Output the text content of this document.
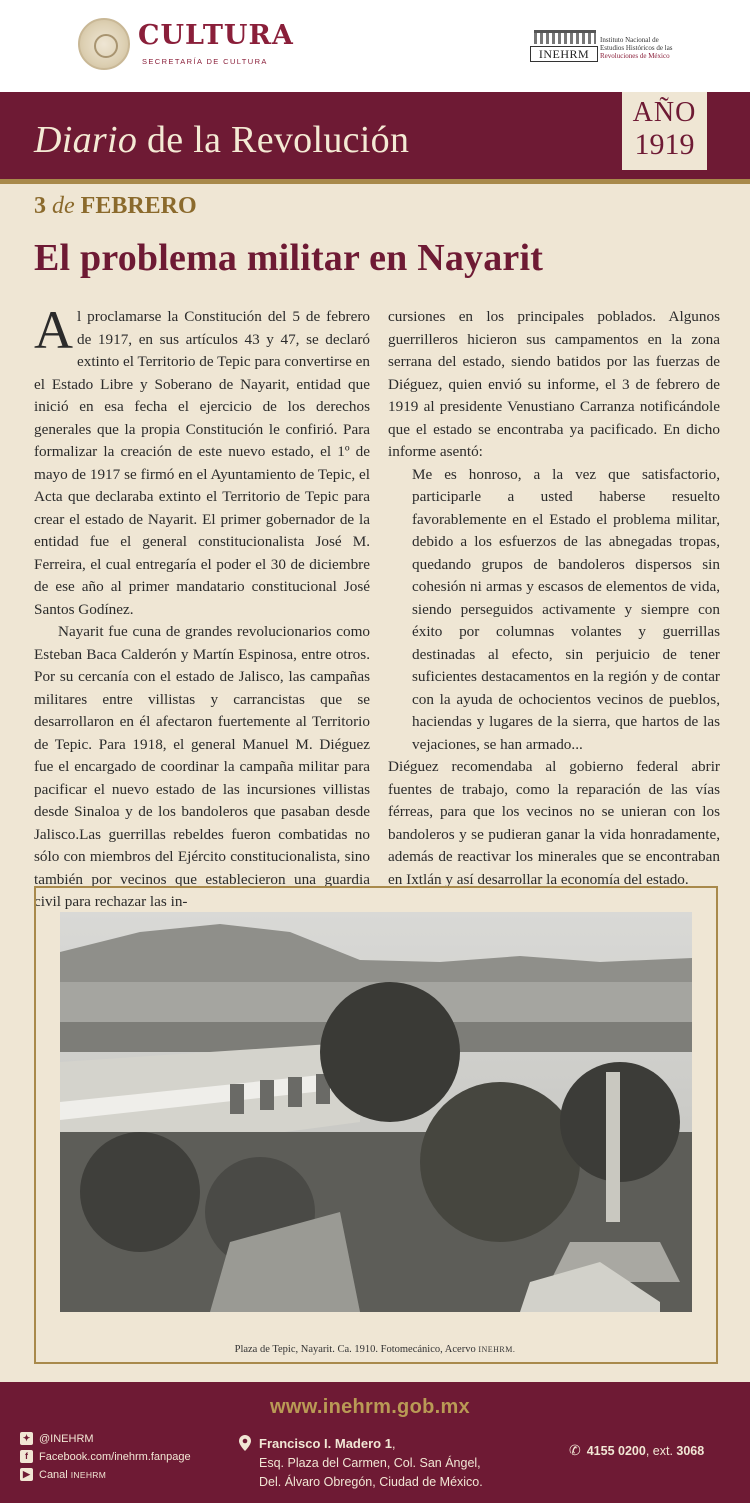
CULTURA
SECRETARÍA DE CULTURA
INEHRM
Instituto Nacional de
Estudios Históricos de las
Revoluciones de México
Diario de la Revolución
AÑO
1919
3 de FEBRERO
El problema militar en Nayarit

Al proclamarse la Constitución del 5 de febrero de 1917, en sus artículos 43 y 47, se declaró extinto el Territorio de Tepic para convertirse en el Estado Libre y Soberano de Nayarit, entidad que inició en esa fecha el ejercicio de los derechos generales que la propia Constitución le confirió. Para formalizar la creación de este nuevo estado, el 1º de mayo de 1917 se firmó en el Ayuntamiento de Tepic, el Acta que declaraba extinto el Territorio de Tepic para crear el estado de Nayarit. El primer gobernador de la entidad fue el general constitucionalista José M. Ferreira, el cual entregaría el poder el 30 de diciembre de ese año al primer mandatario constitucional José Santos Godínez.

Nayarit fue cuna de grandes revolucionarios como Esteban Baca Calderón y Martín Espinosa, entre otros. Por su cercanía con el estado de Jalisco, las campañas militares entre villistas y carrancistas que se desarrollaron en él afectaron fuertemente al Territorio de Tepic. Para 1918, el general Manuel M. Diéguez fue el encargado de coordinar la campaña militar para pacificar el nuevo estado de las incursiones villistas desde Sinaloa y de los bandoleros que pasaban desde Jalisco.Las guerrillas rebeldes fueron combatidas no sólo con miembros del Ejército constitucionalista, sino también por vecinos que establecieron una guardia civil para rechazar las in-

cursiones en los principales poblados. Algunos guerrilleros hicieron sus campamentos en la zona serrana del estado, siendo batidos por las fuerzas de Diéguez, quien envió su informe, el 3 de febrero de 1919 al presidente Venustiano Carranza notificándole que el estado se encontraba ya pacificado. En dicho informe asentó:

Me es honroso, a la vez que satisfactorio, participarle a usted haberse resuelto favorablemente en el Estado el problema militar, debido a los esfuerzos de las abnegadas tropas, quedando grupos de bandoleros dispersos sin cohesión ni armas y escasos de elementos de vida, siendo perseguidos activamente y siempre con éxito por columnas volantes y guerrillas destinadas al efecto, sin perjuicio de tener suficientes destacamentos en la región y de contar con la ayuda de ochocientos vecinos de pueblos, haciendas y lugares de la sierra, que hartos de las vejaciones, se han armado...

Diéguez recomendaba al gobierno federal abrir fuentes de trabajo, como la reparación de las vías férreas, para que los vecinos no se unieran con los bandoleros y se pudieran ganar la vida honradamente, además de reactivar los minerales que se encontraban en Ixtlán y así desarrollar la economía del estado.

Plaza de Tepic, Nayarit. Ca. 1910. Fotomecánico, Acervo INEHRM.
www.inehrm.gob.mx
✦ @INEHRM
f	Facebook.com/inehrm.fanpage
▶ Canal INEHRM
Francisco I. Madero 1,
Esq. Plaza del Carmen, Col. San Ángel,
Del. Álvaro Obregón, Ciudad de México.
✆ 4155 0200, ext. 3068
